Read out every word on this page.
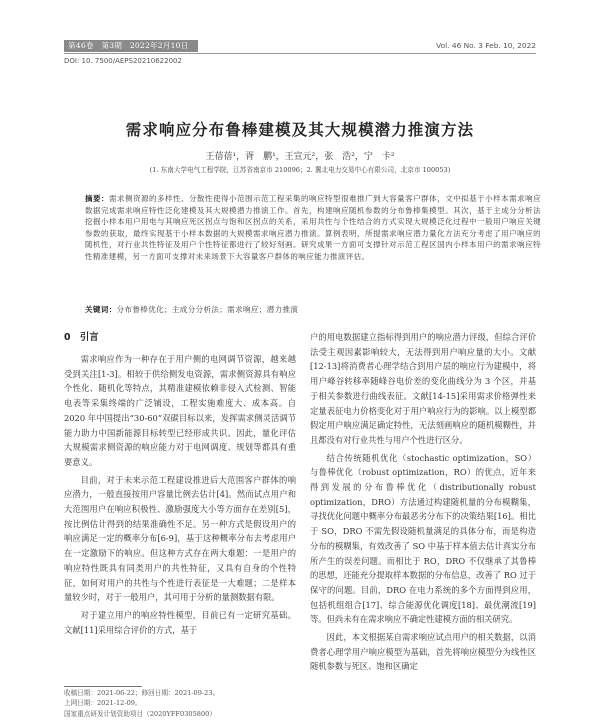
第46卷　第3期　2022年2月10日	Vol. 46 No. 3 Feb. 10, 2022
DOI: 10. 7500/AEPS20210622002
需求响应分布鲁棒建模及其大规模潜力推演方法
王蓓蓓¹，胥　鹏¹，王宣元²，张　浩²，宁　卡²
(1. 东南大学电气工程学院，江苏省南京市 210096；2. 冀北电力交易中心有限公司，北京市 100053)
摘要：需求侧资源的多样性、分散性使得小范围示范工程采集的响应特型很难推广到大容量客户群体，文中拟基于小样本需求响应数据完成需求响应特性泛化建模及其大规模潜力推演工作。首先，构建响应随机参数的分布鲁棒集模型。其次，基于主成分分析法挖掘小样本用户用电与其响应死区拐点与饱和区拐点的关系，采用共性与个性结合的方式实现大规模泛化过程中一般用户响应关键参数的获取，最终实现基于小样本数据的大规模需求响应潜力推演。算例表明，所提需求响应潜力量化方法充分考虑了用户响应的随机性，对行业共性特征及用户个性特征都进行了较好刻画。研究成果一方面可支撑针对示范工程区国内小样本用户的需求响应特性精准建模，另一方面可支撑对未来场景下大容量客户群体的响应能力推演评估。
关键词：分布鲁棒优化；主成分分析法；需求响应；潜力推演
0　引言

需求响应作为一种存在于用户侧的电网调节资源，越来越受到关注[1-3]。相较于供给侧发电资源，需求侧资源具有响应个性化、随机化等特点，其精准建模依赖非侵入式检测、智能电表等采集终端的广泛铺设，工程实施难度大、成本高。自 2020 年中国提出“30-60”双碳目标以来，发挥需求侧灵活调节能力助力中国新能源目标转型已经形成共识。因此，量化评估大规模需求侧资源的响应能力对于电网调度、规划等都具有重要意义。

目前，对于未来示范工程建设推进后大范围客户群体的响应潜力，一般直接按用户容量比例去估计[4]。然而试点用户和大范围用户在响应积极性、激励强度大小等方面存在差别[5]，按比例估计得到的结果准确性不足。另一种方式是假设用户的响应满足一定的概率分布[6-9]，基于这种概率分布去考虑用户在一定激励下的响应。但这种方式存在两大难题：一是用户的响应特性既具有同类用户的共性特征，又具有自身的个性特征，如何对用户的共性与个性进行表征是一大难题；二是样本量较少时，对于一般用户，其可用于分析的量测数据有限。

对于建立用户的响应特性模型，目前已有一定研究基础。文献[11]采用综合评价的方式，基于

户的用电数据建立指标得到用户的响应潜力评级，但综合评价法受主观因素影响较大，无法得到用户响应量的大小。文献[12-13]将消费者心理学结合到用户层的响应行为建模中，将用户峰谷转移率随峰谷电价差的变化曲线分为 3 个区，并基于相关参数进行曲线表征。文献[14-15]采用需求价格弹性来定量表征电力价格变化对于用户响应行为的影响。以上模型都假定用户响应满足确定特性，无法刻画响应的随机模糊性，并且都没有对行业共性与用户个性进行区分。

结合传统随机优化（stochastic optimization，SO）与鲁棒优化（robust optimization，RO）的优点，近年来得到发展的分布鲁棒优化（distributionally robust optimization，DRO）方法通过构建随机量的分布模糊集，寻找优化问题中概率分布最恶劣分布下的决策结果[16]。相比于 SO，DRO 不需先假设随机量满足的具体分布，而是构造分布的模糊集，有效改善了 SO 中基于样本值去估计真实分布所产生的误差问题。而相比于 RO，DRO 不仅继承了其鲁棒的思想，还能充分提取样本数据的分布信息，改善了 RO 过于保守的问题。目前，DRO 在电力系统的多个方面得到应用，包括机组组合[17]、综合能源优化调度[18]、最优潮流[19]等。但尚未有在需求响应不确定性建模方面的相关研究。

因此，本文根据某自需求响应试点用户的相关数据，以消费者心理学用户响应模型为基础，首先将响应模型分为线性区随机参数与死区、饱和区确定

收稿日期：2021-06-22；修回日期：2021-09-23。
上网日期：2021-12-09。
国家重点研发计划资助项目（2020YFF0305800）
